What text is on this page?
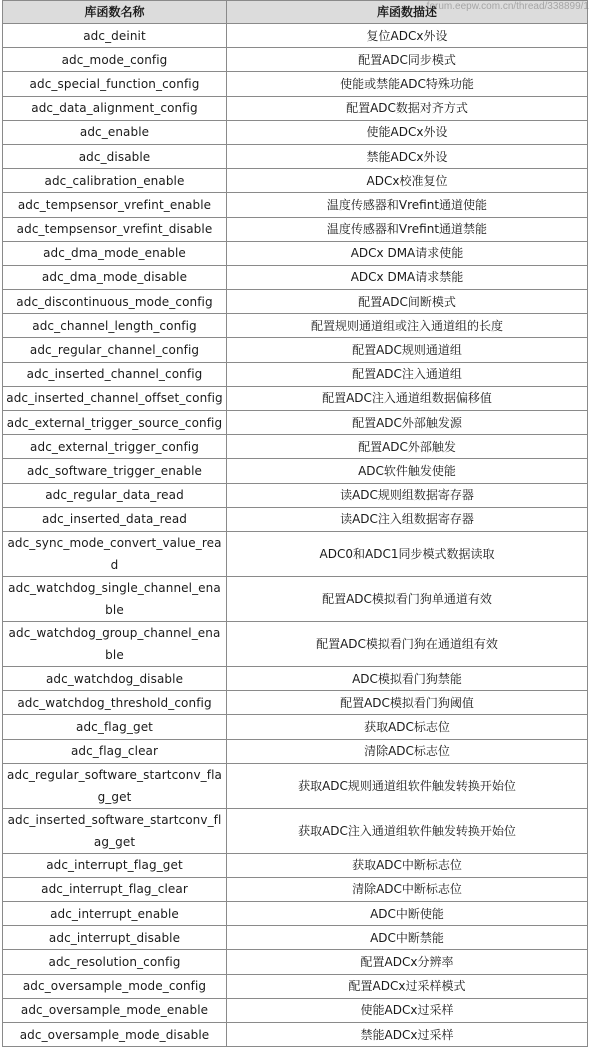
库函数名称	库函数描述
adc_deinit	复位ADCx外设
adc_mode_config	配置ADC同步模式
adc_special_function_config	使能或禁能ADC特殊功能
adc_data_alignment_config	配置ADC数据对齐方式
adc_enable	使能ADCx外设
adc_disable	禁能ADCx外设
adc_calibration_enable	ADCx校准复位
adc_tempsensor_vrefint_enable	温度传感器和Vrefint通道使能
adc_tempsensor_vrefint_disable	温度传感器和Vrefint通道禁能
adc_dma_mode_enable	ADCx DMA请求使能
adc_dma_mode_disable	ADCx DMA请求禁能
adc_discontinuous_mode_config	配置ADC间断模式
adc_channel_length_config	配置规则通道组或注入通道组的长度
adc_regular_channel_config	配置ADC规则通道组
adc_inserted_channel_config	配置ADC注入通道组
adc_inserted_channel_offset_config	配置ADC注入通道组数据偏移值
adc_external_trigger_source_config	配置ADC外部触发源
adc_external_trigger_config	配置ADC外部触发
adc_software_trigger_enable	ADC软件触发使能
adc_regular_data_read	读ADC规则组数据寄存器
adc_inserted_data_read	读ADC注入组数据寄存器
adc_sync_mode_convert_value_read	ADC0和ADC1同步模式数据读取
adc_watchdog_single_channel_enable	配置ADC模拟看门狗单通道有效
adc_watchdog_group_channel_enable	配置ADC模拟看门狗在通道组有效
adc_watchdog_disable	ADC模拟看门狗禁能
adc_watchdog_threshold_config	配置ADC模拟看门狗阈值
adc_flag_get	获取ADC标志位
adc_flag_clear	清除ADC标志位
adc_regular_software_startconv_flag_get	获取ADC规则通道组软件触发转换开始位
adc_inserted_software_startconv_flag_get	获取ADC注入通道组软件触发转换开始位
adc_interrupt_flag_get	获取ADC中断标志位
adc_interrupt_flag_clear	清除ADC中断标志位
adc_interrupt_enable	ADC中断使能
adc_interrupt_disable	ADC中断禁能
adc_resolution_config	配置ADCx分辨率
adc_oversample_mode_config	配置ADCx过采样模式
adc_oversample_mode_enable	使能ADCx过采样
adc_oversample_mode_disable	禁能ADCx过采样
forum.eepw.com.cn/thread/338899/1
